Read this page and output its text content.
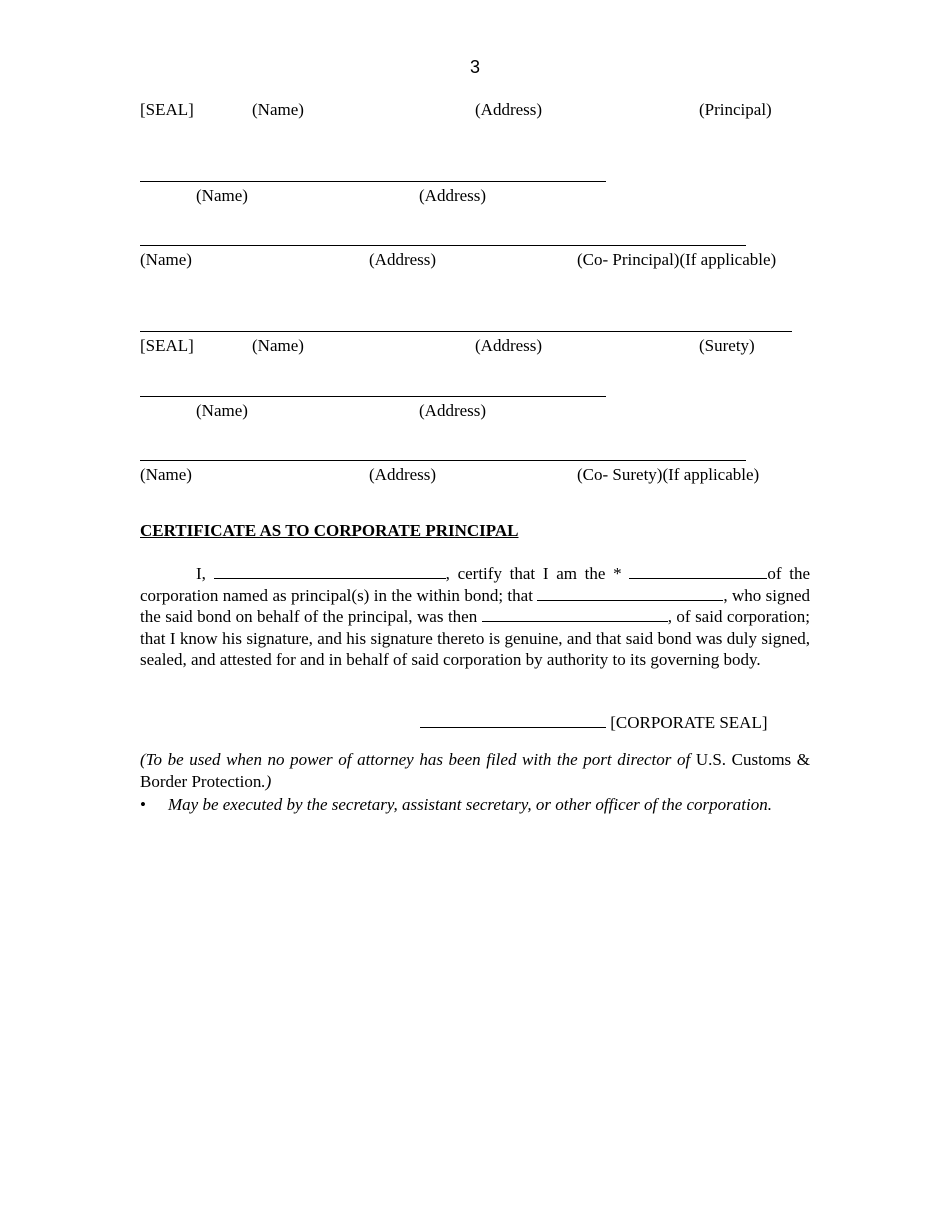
3
[SEAL]	(Name)	(Address)	(Principal)
(Name)	(Address)
(Name)	(Address)	(Co- Principal)(If applicable)
[SEAL]	(Name)	(Address)	(Surety)
(Name)	(Address)
(Name)	(Address)	(Co- Surety)(If applicable)
CERTIFICATE AS TO CORPORATE PRINCIPAL
I,	, certify that I am the *	of the corporation named as principal(s) in the within bond; that	, who signed the said bond on behalf of the principal, was then	, of said corporation; that I know his signature, and his signature thereto is genuine, and that said bond was duly signed, sealed, and attested for and in behalf of said corporation by authority to its governing body.
[CORPORATE SEAL]
(To be used when no power of attorney has been filed with the port director of U.S. Customs & Border Protection.)
• May be executed by the secretary, assistant secretary, or other officer of the corporation.
